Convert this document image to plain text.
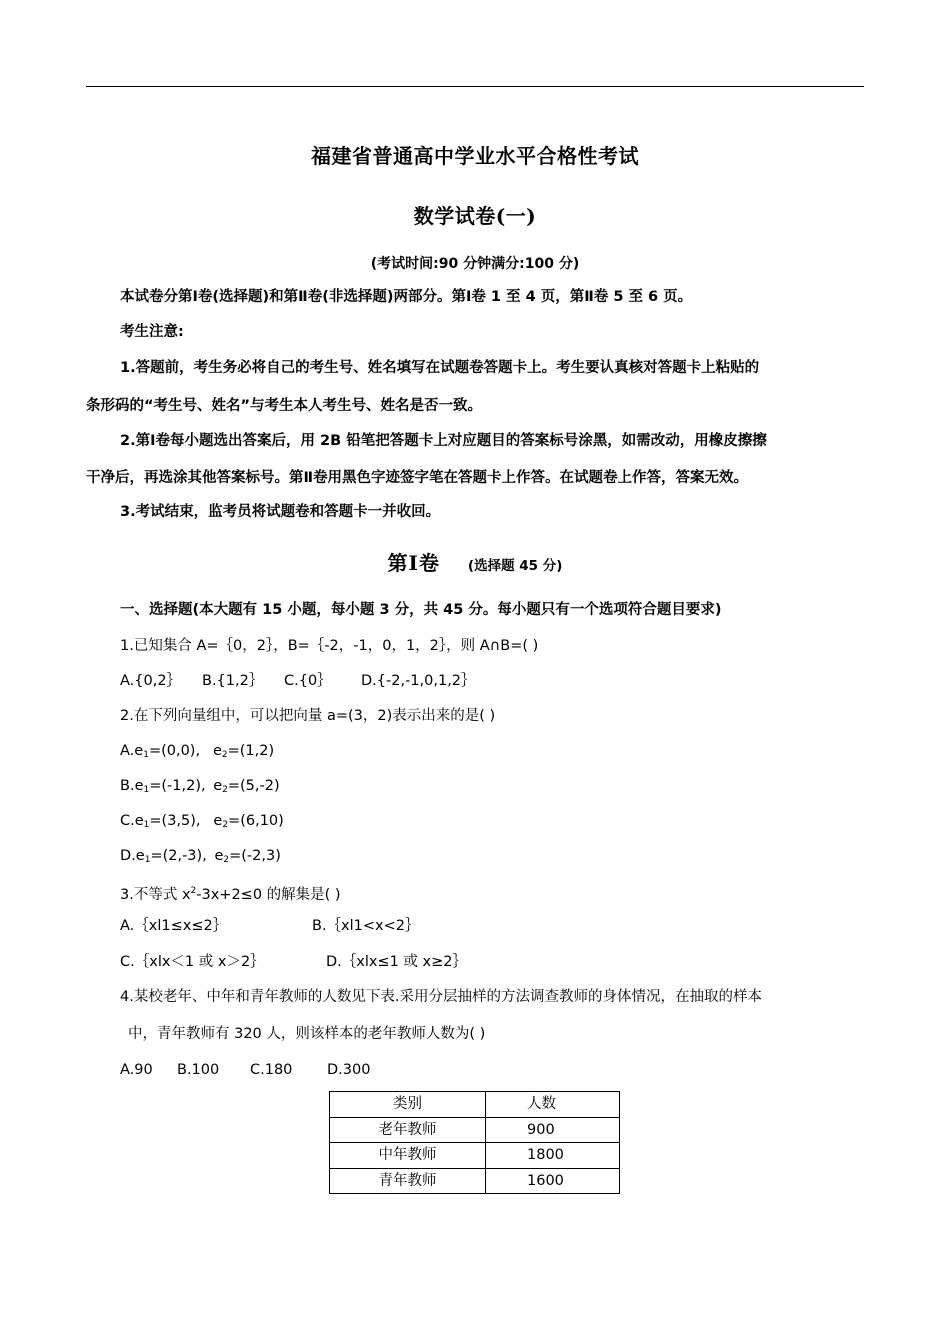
福建省普通高中学业水平合格性考试
数学试卷(一)
(考试时间:90 分钟满分:100 分)
本试卷分第Ⅰ卷(选择题)和第Ⅱ卷(非选择题)两部分。第Ⅰ卷 1 至 4 页，第Ⅱ卷 5 至 6 页。
考生注意:
1.答题前，考生务必将自己的考生号、姓名填写在试题卷答题卡上。考生要认真核对答题卡上粘贴的
条形码的“考生号、姓名”与考生本人考生号、姓名是否一致。
2.第Ⅰ卷每小题选出答案后，用 2B 铅笔把答题卡上对应题目的答案标号涂黑，如需改动，用橡皮擦擦
干净后，再选涂其他答案标号。第Ⅱ卷用黑色字迹签字笔在答题卡上作答。在试题卷上作答，答案无效。
3.考试结束，监考员将试题卷和答题卡一并收回。
第Ⅰ卷 (选择题 45 分)
一、选择题(本大题有 15 小题，每小题 3 分，共 45 分。每小题只有一个选项符合题目要求)
1.已知集合 A=｛0，2｝，B=｛-2，-1，0，1，2｝，则 A∩B=( )
A.{0,2｝ B.{1,2｝ C.{0｝ D.{-2,-1,0,1,2｝
2.在下列向量组中，可以把向量 a=(3，2)表示出来的是( )
$A.e_1=(0,0)$, $e_2=(1,2)$
$B.e_1=(-1,2)$, $e_2=(5,-2)$
$C.e_1=(3,5)$, $e_2=(6,10)$
$D.e_1=(2,-3)$, $e_2=(-2,3)$
3.不等式 $x^2-3x+2\le 0$ 的解集是( )
A.｛xl1≤x≤2｝	B.｛xl1<x<2｝
C.｛xlx＜1 或 x＞2｝	D.｛xlx≤1 或 x≥2｝
4.某校老年、中年和青年教师的人数见下表.采用分层抽样的方法调查教师的身体情况，在抽取的样本
中，青年教师有 320 人，则该样本的老年教师人数为( )
A.90 B.100 C.180 D.300
类别	人数
老年教师	900
中年教师	1800
青年教师	1600
